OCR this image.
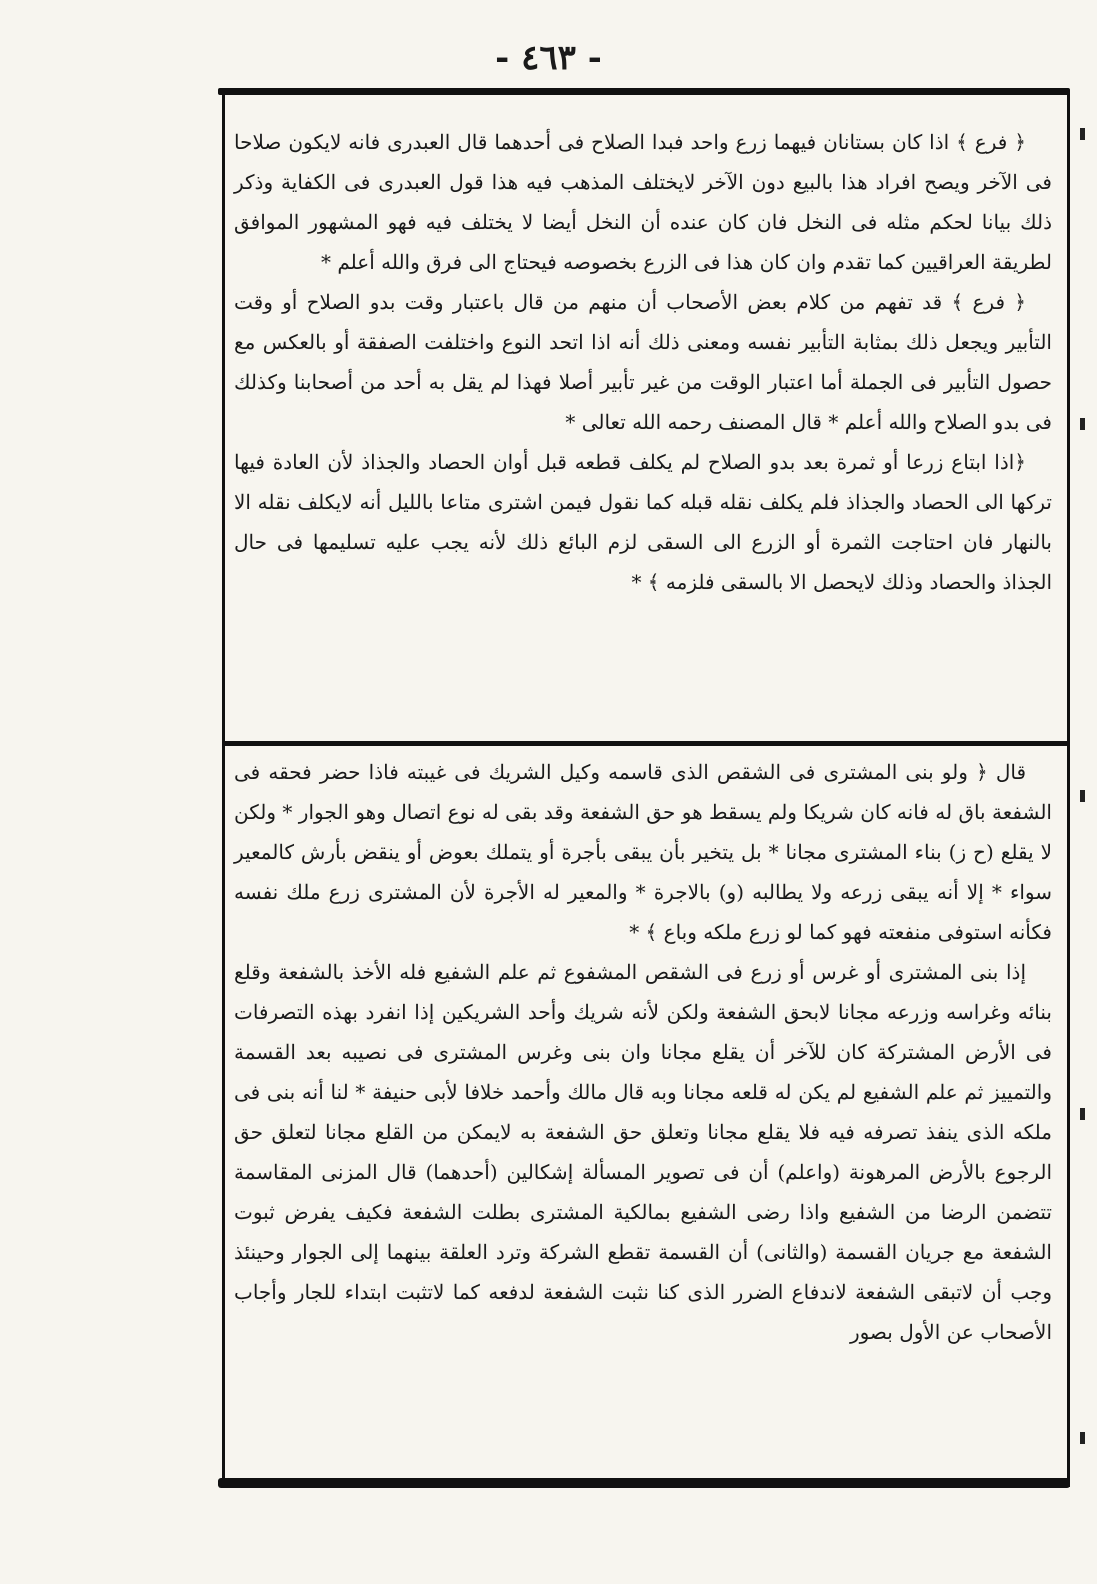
- ٤٦٣ -

﴿ فرع ﴾ اذا كان بستانان فيهما زرع واحد فبدا الصلاح فى أحدهما قال العبدرى فانه لايكون صلاحا فى الآخر ويصح افراد هذا بالبيع دون الآخر لايختلف المذهب فيه هذا قول العبدرى فى الكفاية وذكر ذلك بيانا لحكم مثله فى النخل فان كان عنده أن النخل أيضا لا يختلف فيه فهو المشهور الموافق لطريقة العراقيين كما تقدم وان كان هذا فى الزرع بخصوصه فيحتاج الى فرق والله أعلم *

﴿ فرع ﴾ قد تفهم من كلام بعض الأصحاب أن منهم من قال باعتبار وقت بدو الصلاح أو وقت التأبير ويجعل ذلك بمثابة التأبير نفسه ومعنى ذلك أنه اذا اتحد النوع واختلفت الصفقة أو بالعكس مع حصول التأبير فى الجملة أما اعتبار الوقت من غير تأبير أصلا فهذا لم يقل به أحد من أصحابنا وكذلك فى بدو الصلاح والله أعلم * قال المصنف رحمه الله تعالى *

﴿اذا ابتاع زرعا أو ثمرة بعد بدو الصلاح لم يكلف قطعه قبل أوان الحصاد والجذاذ لأن العادة فيها تركها الى الحصاد والجذاذ فلم يكلف نقله قبله كما نقول فيمن اشترى متاعا بالليل أنه لايكلف نقله الا بالنهار فان احتاجت الثمرة أو الزرع الى السقى لزم البائع ذلك لأنه يجب عليه تسليمها فى حال الجذاذ والحصاد وذلك لايحصل الا بالسقى فلزمه ﴾ *

قال ﴿ ولو بنى المشترى فى الشقص الذى قاسمه وكيل الشريك فى غيبته فاذا حضر فحقه فى الشفعة باق له فانه كان شريكا ولم يسقط هو حق الشفعة وقد بقى له نوع اتصال وهو الجوار * ولكن لا يقلع (ح ز) بناء المشترى مجانا * بل يتخير بأن يبقى بأجرة أو يتملك بعوض أو ينقض بأرش كالمعير سواء * إلا أنه يبقى زرعه ولا يطالبه (و) بالاجرة * والمعير له الأجرة لأن المشترى زرع ملك نفسه فكأنه استوفى منفعته فهو كما لو زرع ملكه وباع ﴾ *

إذا بنى المشترى أو غرس أو زرع فى الشقص المشفوع ثم علم الشفيع فله الأخذ بالشفعة وقلع بنائه وغراسه وزرعه مجانا لابحق الشفعة ولكن لأنه شريك وأحد الشريكين إذا انفرد بهذه التصرفات فى الأرض المشتركة كان للآخر أن يقلع مجانا وان بنى وغرس المشترى فى نصيبه بعد القسمة والتمييز ثم علم الشفيع لم يكن له قلعه مجانا وبه قال مالك وأحمد خلافا لأبى حنيفة * لنا أنه بنى فى ملكه الذى ينفذ تصرفه فيه فلا يقلع مجانا وتعلق حق الشفعة به لايمكن من القلع مجانا لتعلق حق الرجوع بالأرض المرهونة (واعلم) أن فى تصوير المسألة إشكالين (أحدهما) قال المزنى المقاسمة تتضمن الرضا من الشفيع واذا رضى الشفيع بمالكية المشترى بطلت الشفعة فكيف يفرض ثبوت الشفعة مع جريان القسمة (والثانى) أن القسمة تقطع الشركة وترد العلقة بينهما إلى الجوار وحينئذ وجب أن لاتبقى الشفعة لاندفاع الضرر الذى كنا نثبت الشفعة لدفعه كما لاتثبت ابتداء للجار وأجاب الأصحاب عن الأول بصور
